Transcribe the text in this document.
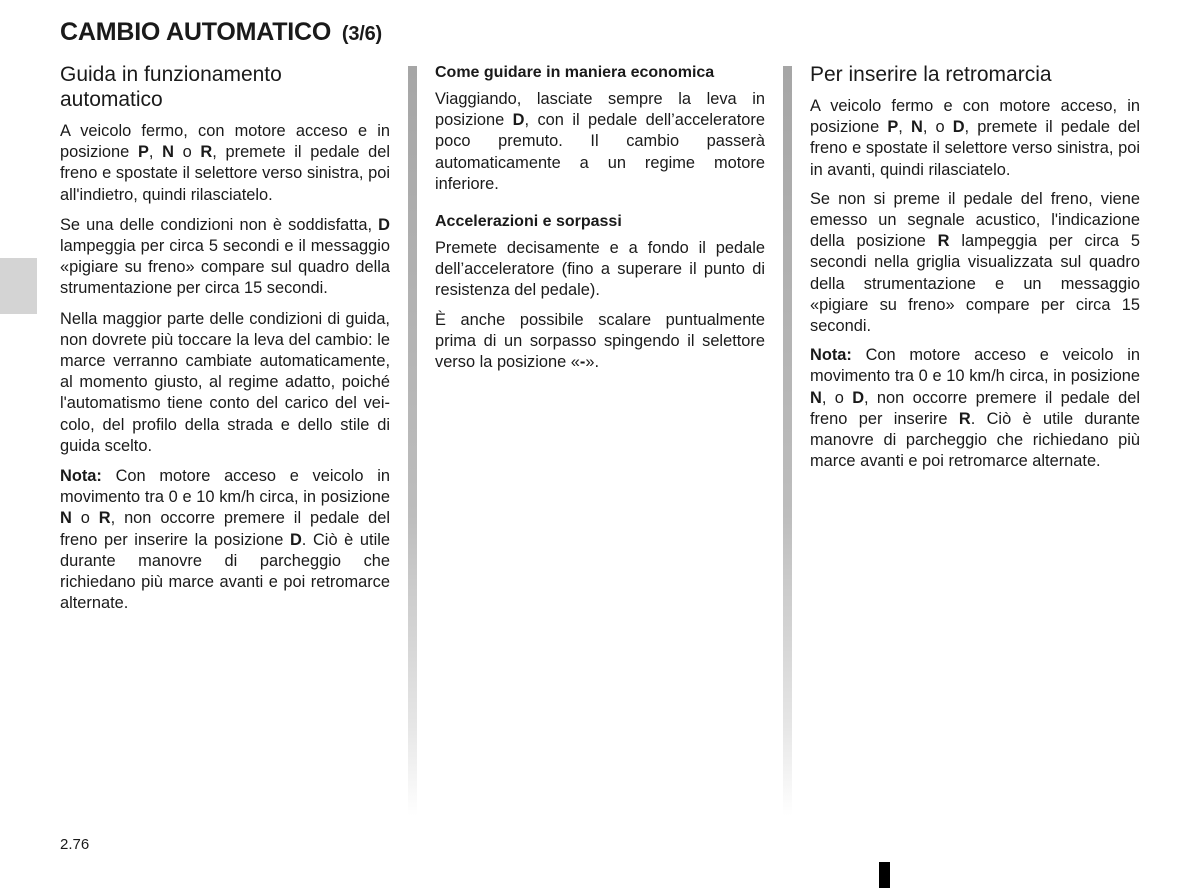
CAMBIO AUTOMATICO (3/6)
Guida in funzionamento automatico

A veicolo fermo, con motore acceso e in posizione P, N o R, premete il pedale del freno e spostate il selettore verso sinistra, poi all'indietro, quindi rilasciatelo.

Se una delle condizioni non è soddisfatta, D lampeggia per circa 5 secondi e il messaggio «pigiare su freno» compare sul quadro della strumentazione per circa 15 secondi.

Nella maggior parte delle condizioni di guida, non dovrete più toccare la leva del cambio: le marce verranno cambiate automaticamente, al momento giusto, al regime adatto, poiché l'automatismo tiene conto del carico del veicolo, del profilo della strada e dello stile di guida scelto.

Nota: Con motore acceso e veicolo in movimento tra 0 e 10 km/h circa, in posizione N o R, non occorre premere il pedale del freno per inserire la posizione D. Ciò è utile durante manovre di parcheggio che richiedano più marce avanti e poi retromarce alternate.

Come guidare in maniera economica

Viaggiando, lasciate sempre la leva in posizione D, con il pedale dell’acceleratore poco premuto. Il cambio passerà automaticamente a un regime motore inferiore.

Accelerazioni e sorpassi

Premete decisamente e a fondo il pedale dell’acceleratore (fino a superare il punto di resistenza del pedale).

È anche possibile scalare puntualmente prima di un sorpasso spingendo il selettore verso la posizione «-».

Per inserire la retromarcia

A veicolo fermo e con motore acceso, in posizione P, N, o D, premete il pedale del freno e spostate il selettore verso sinistra, poi in avanti, quindi rilasciatelo.

Se non si preme il pedale del freno, viene emesso un segnale acustico, l'indicazione della posizione R lampeggia per circa 5 secondi nella griglia visualizzata sul quadro della strumentazione e un messaggio «pigiare su freno» compare per circa 15 secondi.

Nota: Con motore acceso e veicolo in movimento tra 0 e 10 km/h circa, in posizione N, o D, non occorre premere il pedale del freno per inserire R. Ciò è utile durante manovre di parcheggio che richiedano più marce avanti e poi retromarce alternate.

2.76
